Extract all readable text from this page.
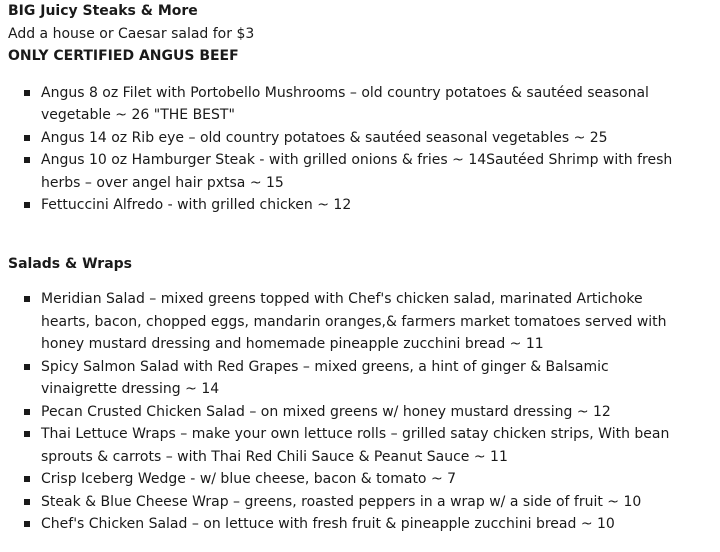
BIG Juicy Steaks & More

Add a house or Caesar salad for $3

ONLY CERTIFIED ANGUS BEEF

Angus 8 oz Filet with Portobello Mushrooms – old country potatoes & sautéed seasonal vegetable ~ 26 "THE BEST"
Angus 14 oz Rib eye – old country potatoes & sautéed seasonal vegetables ~ 25
Angus 10 oz Hamburger Steak - with grilled onions & fries ~ 14Sautéed Shrimp with fresh herbs – over angel hair pxtsa ~ 15
Fettuccini Alfredo - with grilled chicken ~ 12

Salads & Wraps

Meridian Salad – mixed greens topped with Chef's chicken salad, marinated Artichoke hearts, bacon, chopped eggs, mandarin oranges,& farmers market tomatoes served with honey mustard dressing and homemade pineapple zucchini bread ~ 11
Spicy Salmon Salad with Red Grapes – mixed greens, a hint of ginger & Balsamic vinaigrette dressing ~ 14
Pecan Crusted Chicken Salad – on mixed greens w/ honey mustard dressing ~ 12
Thai Lettuce Wraps – make your own lettuce rolls – grilled satay chicken strips, With bean sprouts & carrots – with Thai Red Chili Sauce & Peanut Sauce ~ 11
Crisp Iceberg Wedge - w/ blue cheese, bacon & tomato ~ 7
Steak & Blue Cheese Wrap – greens, roasted peppers in a wrap w/ a side of fruit ~ 10
Chef's Chicken Salad – on lettuce with fresh fruit & pineapple zucchini bread ~ 10
